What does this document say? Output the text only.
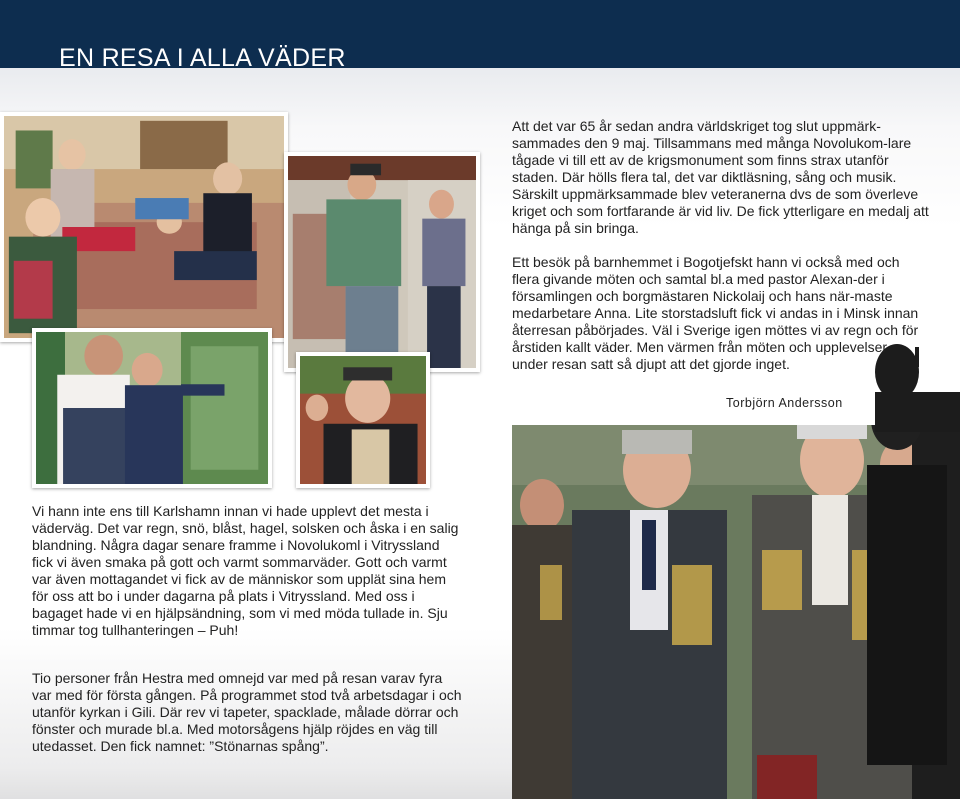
EN RESA I ALLA VÄDER

Att det var 65 år sedan andra världskriget tog slut uppmärk-sammades den 9 maj. Tillsammans med många Novolukom-lare tågade vi till ett av de krigsmonument som finns strax utanför staden. Där hölls flera tal, det var diktläsning, sång och musik. Särskilt uppmärksammade blev veteranerna dvs de som överleve kriget och som fortfarande är vid liv. De fick ytterligare en medalj att hänga på sin bringa.

Ett besök på barnhemmet i Bogotjefskt hann vi också med och flera givande möten och samtal bl.a med pastor Alexan-der i församlingen och borgmästaren Nickolaij och hans när-maste medarbetare Anna. Lite storstadsluft fick vi andas in i Minsk innan återresan påbörjades. Väl i Sverige igen möttes vi av regn och för årstiden kallt väder. Men värmen från möten och upplevelser under resan satt så djupt att det gjorde inget.

Torbjörn Andersson

Vi hann inte ens till Karlshamn innan vi hade upplevt det mesta i väderväg. Det var regn, snö, blåst, hagel, solsken och åska i en salig blandning. Några dagar senare framme i Novolukoml i Vitryssland fick vi även smaka på gott och varmt sommarväder. Gott och varmt var även mottagandet vi fick av de människor som upplät sina hem för oss att bo i under dagarna på plats i Vitryssland. Med oss i bagaget hade vi en hjälpsändning, som vi med möda tullade in. Sju timmar tog tullhanteringen – Puh!

Tio personer från Hestra med omnejd var med på resan varav fyra var med för första gången. På programmet stod två arbetsdagar i och utanför kyrkan i Gili. Där rev vi tapeter, spacklade, målade dörrar och fönster och murade bl.a. Med motorsågens hjälp röjdes en väg till utedasset. Den fick namnet: ”Stönarnas spång”.
